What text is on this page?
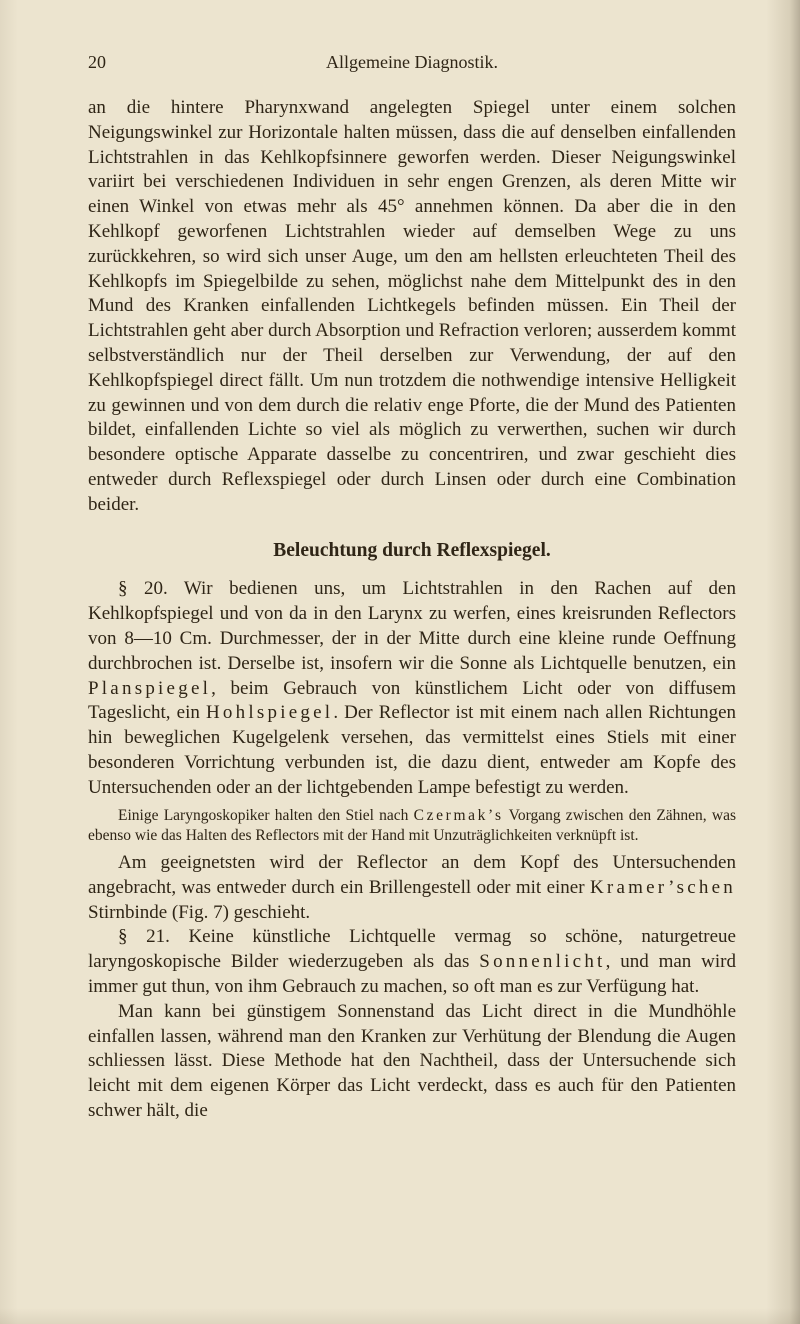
20	Allgemeine Diagnostik.

an die hintere Pharynxwand angelegten Spiegel unter einem solchen Neigungswinkel zur Horizontale halten müssen, dass die auf denselben einfallenden Lichtstrahlen in das Kehlkopfsinnere geworfen werden. Dieser Neigungswinkel variirt bei verschiedenen Individuen in sehr engen Grenzen, als deren Mitte wir einen Winkel von etwas mehr als 45° annehmen können. Da aber die in den Kehlkopf geworfenen Lichtstrahlen wieder auf demselben Wege zu uns zurückkehren, so wird sich unser Auge, um den am hellsten erleuchteten Theil des Kehlkopfs im Spiegelbilde zu sehen, möglichst nahe dem Mittelpunkt des in den Mund des Kranken einfallenden Lichtkegels befinden müssen. Ein Theil der Lichtstrahlen geht aber durch Absorption und Refraction verloren; ausserdem kommt selbstverständlich nur der Theil derselben zur Verwendung, der auf den Kehlkopfspiegel direct fällt. Um nun trotzdem die nothwendige intensive Helligkeit zu gewinnen und von dem durch die relativ enge Pforte, die der Mund des Patienten bildet, einfallenden Lichte so viel als möglich zu verwerthen, suchen wir durch besondere optische Apparate dasselbe zu concentriren, und zwar geschieht dies entweder durch Reflexspiegel oder durch Linsen oder durch eine Combination beider.

Beleuchtung durch Reflexspiegel.

§ 20. Wir bedienen uns, um Lichtstrahlen in den Rachen auf den Kehlkopfspiegel und von da in den Larynx zu werfen, eines kreisrunden Reflectors von 8—10 Cm. Durchmesser, der in der Mitte durch eine kleine runde Oeffnung durchbrochen ist. Derselbe ist, insofern wir die Sonne als Lichtquelle benutzen, ein Planspiegel, beim Gebrauch von künstlichem Licht oder von diffusem Tageslicht, ein Hohlspiegel. Der Reflector ist mit einem nach allen Richtungen hin beweglichen Kugelgelenk versehen, das vermittelst eines Stiels mit einer besonderen Vorrichtung verbunden ist, die dazu dient, entweder am Kopfe des Untersuchenden oder an der lichtgebenden Lampe befestigt zu werden.

Einige Laryngoskopiker halten den Stiel nach Czermak’s Vorgang zwischen den Zähnen, was ebenso wie das Halten des Reflectors mit der Hand mit Unzuträglichkeiten verknüpft ist.

Am geeignetsten wird der Reflector an dem Kopf des Untersuchenden angebracht, was entweder durch ein Brillengestell oder mit einer Kramer’schen Stirnbinde (Fig. 7) geschieht.

§ 21. Keine künstliche Lichtquelle vermag so schöne, naturgetreue laryngoskopische Bilder wiederzugeben als das Sonnenlicht, und man wird immer gut thun, von ihm Gebrauch zu machen, so oft man es zur Verfügung hat.

Man kann bei günstigem Sonnenstand das Licht direct in die Mundhöhle einfallen lassen, während man den Kranken zur Verhütung der Blendung die Augen schliessen lässt. Diese Methode hat den Nachtheil, dass der Untersuchende sich leicht mit dem eigenen Körper das Licht verdeckt, dass es auch für den Patienten schwer hält, die
